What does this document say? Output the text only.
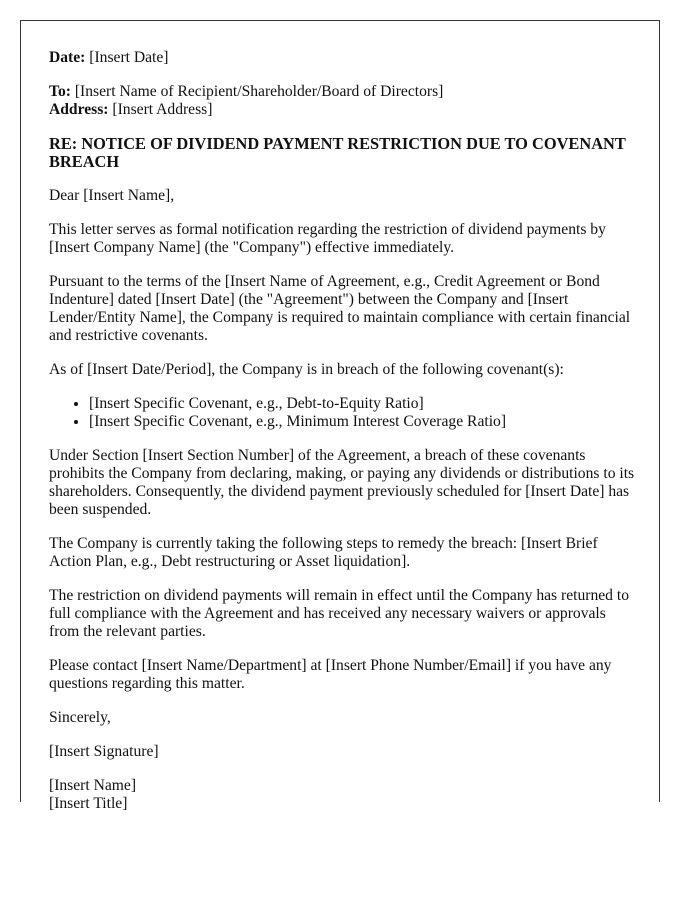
Date: [Insert Date]

To: [Insert Name of Recipient/Shareholder/Board of Directors]
Address: [Insert Address]

RE: NOTICE OF DIVIDEND PAYMENT RESTRICTION DUE TO COVENANT BREACH

Dear [Insert Name],

This letter serves as formal notification regarding the restriction of dividend payments by [Insert Company Name] (the "Company") effective immediately.

Pursuant to the terms of the [Insert Name of Agreement, e.g., Credit Agreement or Bond Indenture] dated [Insert Date] (the "Agreement") between the Company and [Insert Lender/Entity Name], the Company is required to maintain compliance with certain financial and restrictive covenants.

As of [Insert Date/Period], the Company is in breach of the following covenant(s):

• [Insert Specific Covenant, e.g., Debt-to-Equity Ratio]
• [Insert Specific Covenant, e.g., Minimum Interest Coverage Ratio]

Under Section [Insert Section Number] of the Agreement, a breach of these covenants prohibits the Company from declaring, making, or paying any dividends or distributions to its shareholders. Consequently, the dividend payment previously scheduled for [Insert Date] has been suspended.

The Company is currently taking the following steps to remedy the breach: [Insert Brief Action Plan, e.g., Debt restructuring or Asset liquidation].

The restriction on dividend payments will remain in effect until the Company has returned to full compliance with the Agreement and has received any necessary waivers or approvals from the relevant parties.

Please contact [Insert Name/Department] at [Insert Phone Number/Email] if you have any questions regarding this matter.

Sincerely,

[Insert Signature]

[Insert Name]
[Insert Title]
